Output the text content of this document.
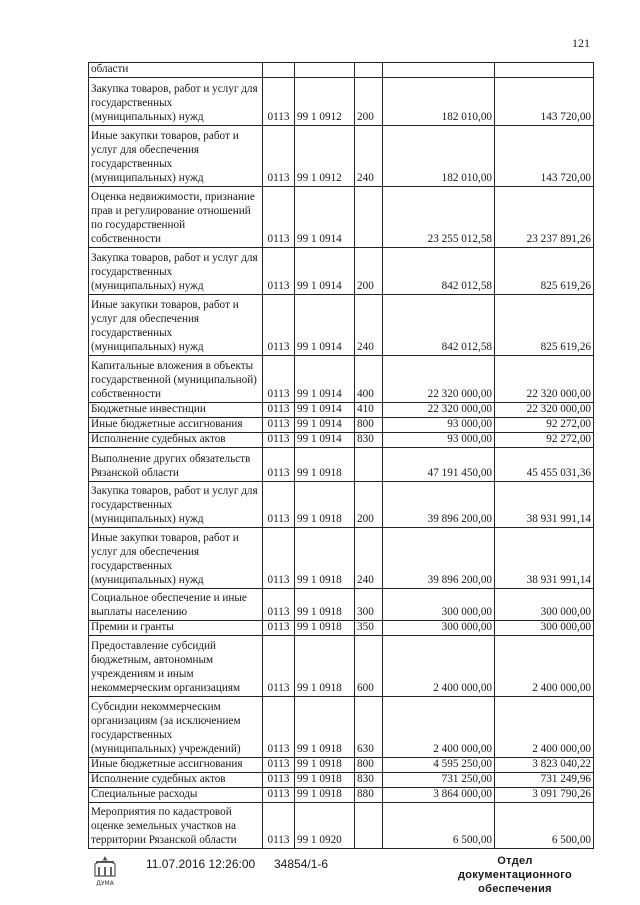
121
области					
Закупка товаров, работ и услуг для
государственных
(муниципальных) нужд	0113	99 1 0912	200	182 010,00	143 720,00
Иные закупки товаров, работ и
услуг для обеспечения
государственных
(муниципальных) нужд	0113	99 1 0912	240	182 010,00	143 720,00
Оценка недвижимости, признание
прав и регулирование отношений
по государственной
собственности	0113	99 1 0914		23 255 012,58	23 237 891,26
Закупка товаров, работ и услуг для
государственных
(муниципальных) нужд	0113	99 1 0914	200	842 012,58	825 619,26
Иные закупки товаров, работ и
услуг для обеспечения
государственных
(муниципальных) нужд	0113	99 1 0914	240	842 012,58	825 619,26
Капитальные вложения в объекты
государственной (муниципальной)
собственности	0113	99 1 0914	400	22 320 000,00	22 320 000,00
Бюджетные инвестиции	0113	99 1 0914	410	22 320 000,00	22 320 000,00
Иные бюджетные ассигнования	0113	99 1 0914	800	93 000,00	92 272,00
Исполнение судебных актов	0113	99 1 0914	830	93 000,00	92 272,00
Выполнение других обязательств
Рязанской области	0113	99 1 0918		47 191 450,00	45 455 031,36
Закупка товаров, работ и услуг для
государственных
(муниципальных) нужд	0113	99 1 0918	200	39 896 200,00	38 931 991,14
Иные закупки товаров, работ и
услуг для обеспечения
государственных
(муниципальных) нужд	0113	99 1 0918	240	39 896 200,00	38 931 991,14
Социальное обеспечение и иные
выплаты населению	0113	99 1 0918	300	300 000,00	300 000,00
Премии и гранты	0113	99 1 0918	350	300 000,00	300 000,00
Предоставление субсидий
бюджетным, автономным
учреждениям и иным
некоммерческим организациям	0113	99 1 0918	600	2 400 000,00	2 400 000,00
Субсидии некоммерческим
организациям (за исключением
государственных
(муниципальных) учреждений)	0113	99 1 0918	630	2 400 000,00	2 400 000,00
Иные бюджетные ассигнования	0113	99 1 0918	800	4 595 250,00	3 823 040,22
Исполнение судебных актов	0113	99 1 0918	830	731 250,00	731 249,96
Специальные расходы	0113	99 1 0918	880	3 864 000,00	3 091 790,26
Мероприятия по кадастровой
оценке земельных участков на
территории Рязанской области	0113	99 1 0920		6 500,00	6 500,00
ДУМА
11.07.2016 12:26:00 34854/1-6	Отдел документационного обеспечения
